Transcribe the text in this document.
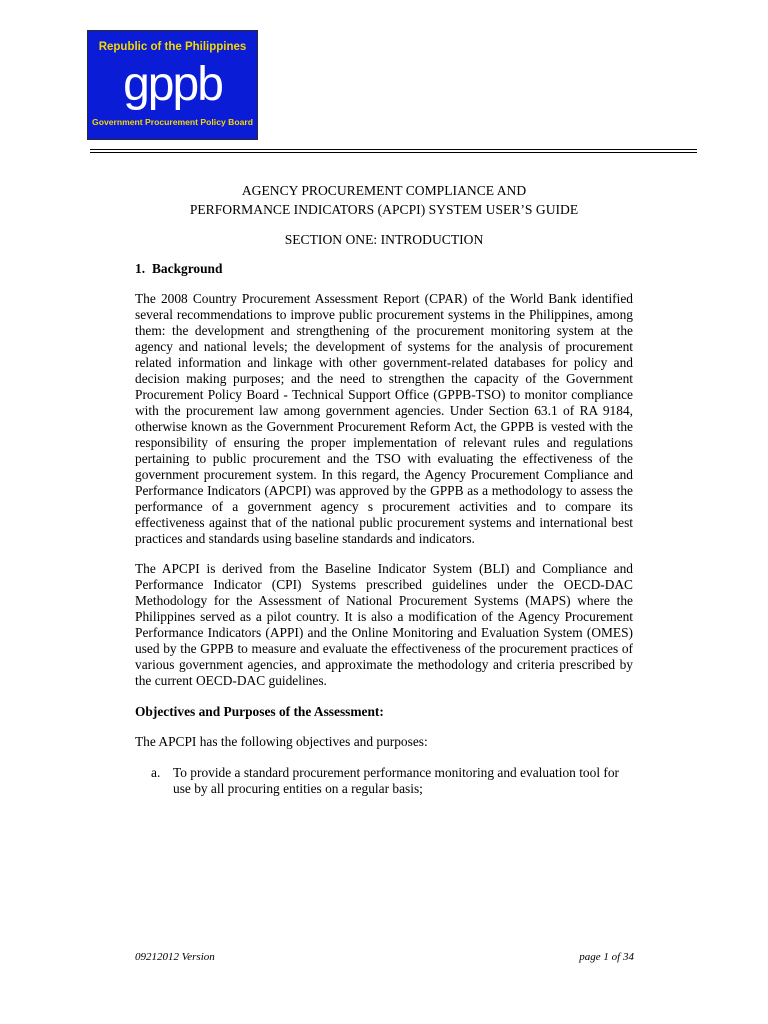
Republic of the Philippines
gppb
Government Procurement Policy Board
AGENCY PROCUREMENT COMPLIANCE AND
PERFORMANCE INDICATORS (APCPI) SYSTEM USER’S GUIDE
SECTION ONE: INTRODUCTION
1. Background

The 2008 Country Procurement Assessment Report (CPAR) of the World Bank identified several recommendations to improve public procurement systems in the Philippines, among them: the development and strengthening of the procurement monitoring system at the agency and national levels; the development of systems for the analysis of procurement related information and linkage with other government-related databases for policy and decision making purposes; and the need to strengthen the capacity of the Government Procurement Policy Board - Technical Support Office (GPPB-TSO) to monitor compliance with the procurement law among government agencies. Under Section 63.1 of RA 9184, otherwise known as the Government Procurement Reform Act, the GPPB is vested with the responsibility of ensuring the proper implementation of relevant rules and regulations pertaining to public procurement and the TSO with evaluating the effectiveness of the government procurement system. In this regard, the Agency Procurement Compliance and Performance Indicators (APCPI) was approved by the GPPB as a methodology to assess the performance of a government agency s procurement activities and to compare its effectiveness against that of the national public procurement systems and international best practices and standards using baseline standards and indicators.

The APCPI is derived from the Baseline Indicator System (BLI) and Compliance and Performance Indicator (CPI) Systems prescribed guidelines under the OECD-DAC Methodology for the Assessment of National Procurement Systems (MAPS) where the Philippines served as a pilot country. It is also a modification of the Agency Procurement Performance Indicators (APPI) and the Online Monitoring and Evaluation System (OMES) used by the GPPB to measure and evaluate the effectiveness of the procurement practices of various government agencies, and approximate the methodology and criteria prescribed by the current OECD-DAC guidelines.

Objectives and Purposes of the Assessment:

The APCPI has the following objectives and purposes:

a. To provide a standard procurement performance monitoring and evaluation tool for use by all procuring entities on a regular basis;
09212012 Version	page 1 of 34
